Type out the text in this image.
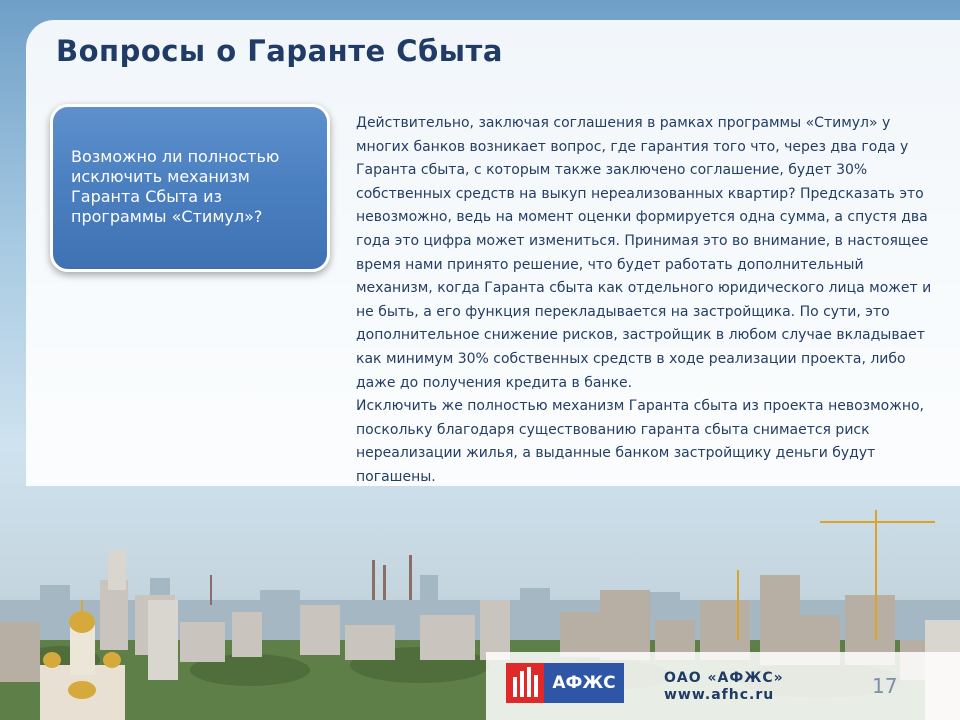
Вопросы о Гаранте Сбыта
Возможно ли полностью исключить механизм Гаранта Сбыта из программы «Стимул»?

Действительно, заключая соглашения в рамках программы «Стимул» у многих банков возникает вопрос, где гарантия того что, через два года у Гаранта сбыта, с которым также заключено соглашение, будет 30% собственных средств на выкуп нереализованных квартир? Предсказать это невозможно, ведь на момент оценки формируется одна сумма, а спустя два года это цифра может измениться. Принимая это во внимание, в настоящее время нами принято решение, что будет работать дополнительный механизм, когда Гаранта сбыта как отдельного юридического лица может и не быть, а его функция перекладывается на застройщика. По сути, это дополнительное снижение рисков, застройщик в любом случае вкладывает как минимум 30% собственных средств в ходе реализации проекта, либо даже до получения кредита в банке.

Исключить же полностью механизм Гаранта сбыта из проекта невозможно, поскольку благодаря существованию гаранта сбыта снимается риск нереализации жилья, а выданные банком застройщику деньги будут погашены.

АФЖС	ОАО «АФЖС»
www.afhc.ru	17
